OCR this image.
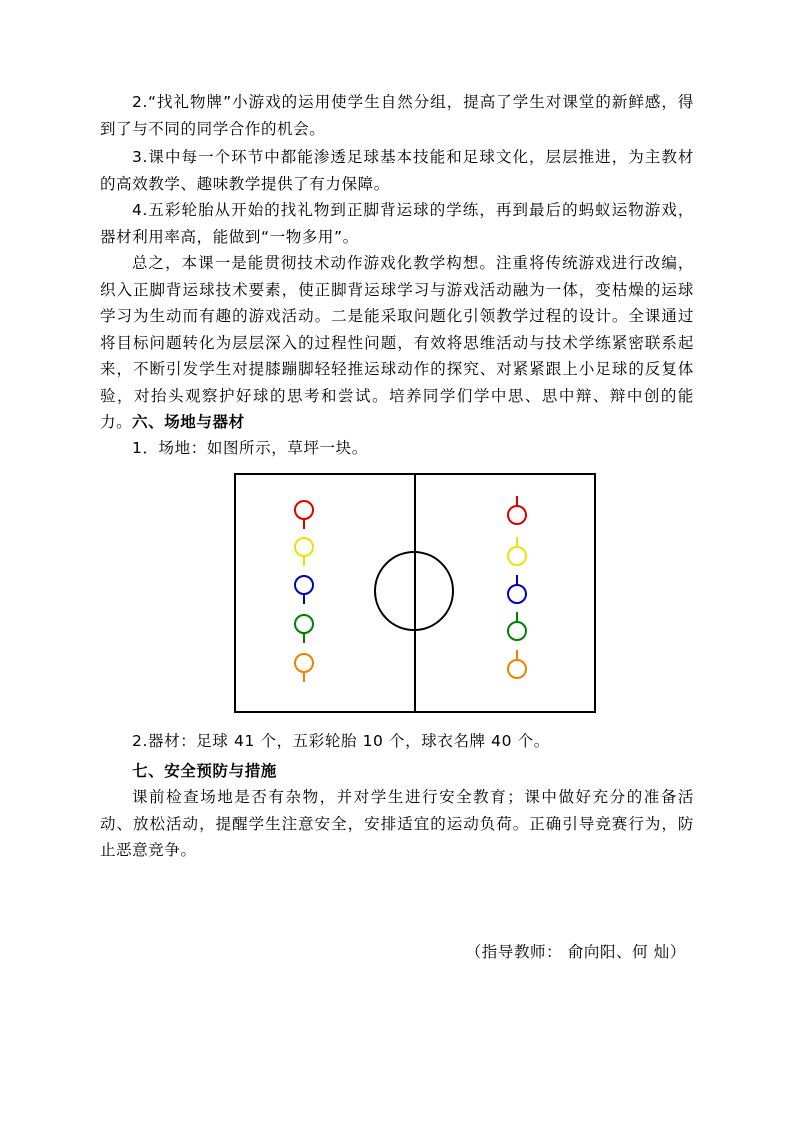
2.“找礼物牌”小游戏的运用使学生自然分组，提高了学生对课堂的新鲜感，得到了与不同的同学合作的机会。

3.课中每一个环节中都能渗透足球基本技能和足球文化，层层推进，为主教材的高效教学、趣味教学提供了有力保障。

4.五彩轮胎从开始的找礼物到正脚背运球的学练，再到最后的蚂蚁运物游戏，器材利用率高，能做到“一物多用”。

总之，本课一是能贯彻技术动作游戏化教学构想。注重将传统游戏进行改编，织入正脚背运球技术要素，使正脚背运球学习与游戏活动融为一体，变枯燥的运球学习为生动而有趣的游戏活动。二是能采取问题化引领教学过程的设计。全课通过将目标问题转化为层层深入的过程性问题，有效将思维活动与技术学练紧密联系起来，不断引发学生对提膝蹦脚轻轻推运球动作的探究、对紧紧跟上小足球的反复体验，对抬头观察护好球的思考和尝试。培养同学们学中思、思中辩、辩中创的能力。 六、场地与器材

1．场地：如图所示，草坪一块。

2.器材：足球 41 个，五彩轮胎 10 个，球衣名牌 40 个。

七、安全预防与措施

课前检查场地是否有杂物，并对学生进行安全教育；课中做好充分的准备活动、放松活动，提醒学生注意安全，安排适宜的运动负荷。正确引导竞赛行为，防止恶意竞争。

（指导教师： 俞向阳、何 灿）
